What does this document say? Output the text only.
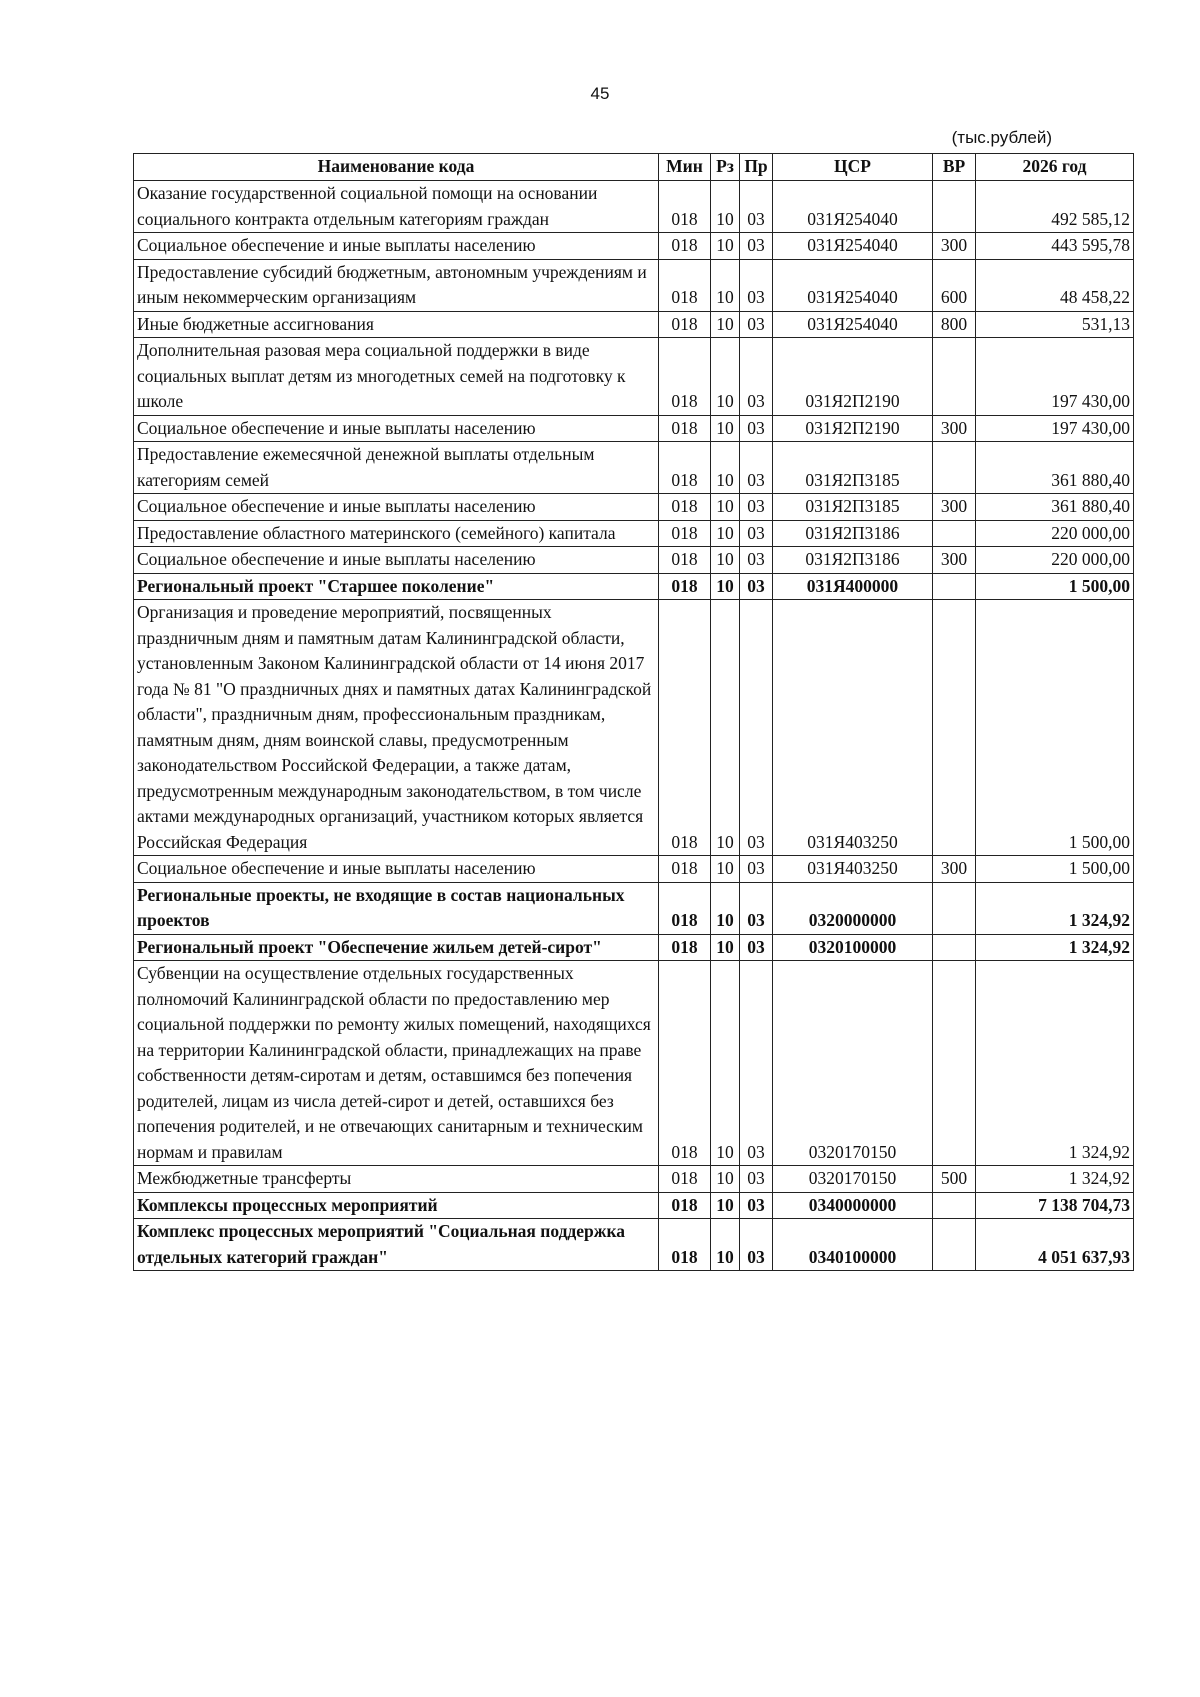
45
(тыс.рублей)
Наименование кода	Мин	Рз	Пр	ЦСР	ВР	2026 год
Оказание государственной социальной помощи на основании социального контракта отдельным категориям граждан	018	10	03	031Я254040		492 585,12
Социальное обеспечение и иные выплаты населению	018	10	03	031Я254040	300	443 595,78
Предоставление субсидий бюджетным, автономным учреждениям и иным некоммерческим организациям	018	10	03	031Я254040	600	48 458,22
Иные бюджетные ассигнования	018	10	03	031Я254040	800	531,13
Дополнительная разовая мера социальной поддержки в виде социальных выплат детям из многодетных семей на подготовку к школе	018	10	03	031Я2П2190		197 430,00
Социальное обеспечение и иные выплаты населению	018	10	03	031Я2П2190	300	197 430,00
Предоставление ежемесячной денежной выплаты отдельным категориям семей	018	10	03	031Я2П3185		361 880,40
Социальное обеспечение и иные выплаты населению	018	10	03	031Я2П3185	300	361 880,40
Предоставление областного материнского (семейного) капитала	018	10	03	031Я2П3186		220 000,00
Социальное обеспечение и иные выплаты населению	018	10	03	031Я2П3186	300	220 000,00
Региональный проект "Старшее поколение"	018	10	03	031Я400000		1 500,00
Организация и проведение мероприятий, посвященных праздничным дням и памятным датам Калининградской области, установленным Законом Калининградской области от 14 июня 2017 года № 81 "О праздничных днях и памятных датах Калининградской области", праздничным дням, профессиональным праздникам, памятным дням, дням воинской славы, предусмотренным законодательством Российской Федерации, а также датам, предусмотренным международным законодательством, в том числе актами международных организаций, участником которых является Российская Федерация	018	10	03	031Я403250		1 500,00
Социальное обеспечение и иные выплаты населению	018	10	03	031Я403250	300	1 500,00
Региональные проекты, не входящие в состав национальных проектов	018	10	03	0320000000		1 324,92
Региональный проект "Обеспечение жильем детей-сирот"	018	10	03	0320100000		1 324,92
Субвенции на осуществление отдельных государственных полномочий Калининградской области по предоставлению мер социальной поддержки по ремонту жилых помещений, находящихся на территории Калининградской области, принадлежащих на праве собственности детям-сиротам и детям, оставшимся без попечения родителей, лицам из числа детей-сирот и детей, оставшихся без попечения родителей, и не отвечающих санитарным и техническим нормам и правилам	018	10	03	0320170150		1 324,92
Межбюджетные трансферты	018	10	03	0320170150	500	1 324,92
Комплексы процессных мероприятий	018	10	03	0340000000		7 138 704,73
Комплекс процессных мероприятий "Социальная поддержка отдельных категорий граждан"	018	10	03	0340100000		4 051 637,93
